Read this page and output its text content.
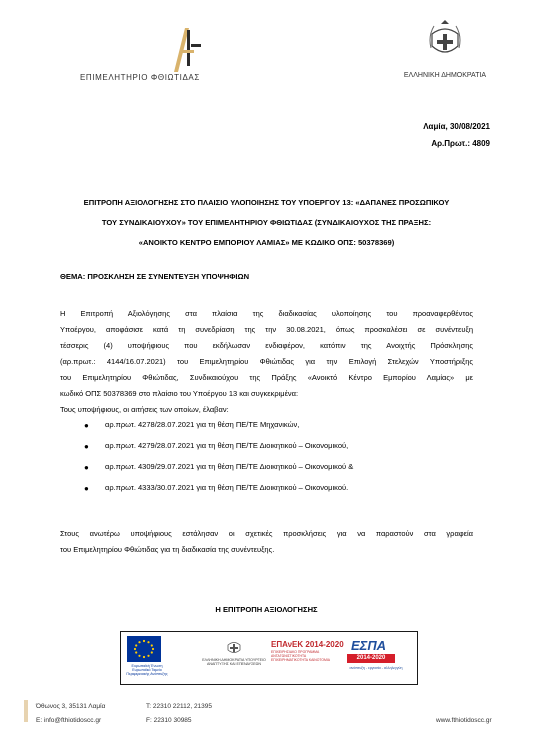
ΕΠΙΜΕΛΗΤΗΡΙΟ ΦΘΙΩΤΙΔΑΣ	ΕΛΛΗΝΙΚΗ ΔΗΜΟΚΡΑΤΙΑ
Λαμία, 30/08/2021
Αρ.Πρωτ.: 4809
ΕΠΙΤΡΟΠΗ ΑΞΙΟΛΟΓΗΣΗΣ ΣΤΟ ΠΛΑΙΣΙΟ ΥΛΟΠΟΙΗΣΗΣ ΤΟΥ ΥΠΟΕΡΓΟΥ 13: «ΔΑΠΑΝΕΣ ΠΡΟΣΩΠΙΚΟΥ
ΤΟΥ ΣΥΝΔΙΚΑΙΟΥΧΟΥ» ΤΟΥ ΕΠΙΜΕΛΗΤΗΡΙΟΥ ΦΘΙΩΤΙΔΑΣ (ΣΥΝΔΙΚΑΙΟΥΧΟΣ ΤΗΣ ΠΡΑΞΗΣ:
«ΑΝΟΙΚΤΟ ΚΕΝΤΡΟ ΕΜΠΟΡΙΟΥ ΛΑΜΙΑΣ» ΜΕ ΚΩΔΙΚΟ ΟΠΣ: 50378369)
ΘΕΜΑ: ΠΡΟΣΚΛΗΣΗ ΣΕ ΣΥΝΕΝΤΕΥΞΗ ΥΠΟΨΗΦΙΩΝ
Η Επιτροπή Αξιολόγησης στα πλαίσια της διαδικασίας υλοποίησης του προαναφερθέντος
Υποέργου, αποφάσισε κατά τη συνεδρίαση της την 30.08.2021, όπως προσκαλέσει σε συνέντευξη
τέσσερις (4) υποψήφιους που εκδήλωσαν ενδιαφέρον, κατόπιν της Ανοιχτής Πρόσκλησης
(αρ.πρωτ.: 4144/16.07.2021) του Επιμελητηρίου Φθιώτιδας για την Επιλογή Στελεχών Υποστήριξης
του Επιμελητηρίου Φθιώτιδας, Συνδικαιούχου της Πράξης «Ανοικτό Κέντρο Εμπορίου Λαμίας» με
κωδικό ΟΠΣ 50378369 στο πλαίσιο του Υποέργου 13 και συγκεκριμένα:
Τους υποψήφιους, οι αιτήσεις των οποίων, έλαβαν:
● αρ.πρωτ. 4278/28.07.2021 για τη θέση ΠΕ/ΤΕ Μηχανικών,
● αρ.πρωτ. 4279/28.07.2021 για τη θέση ΠΕ/ΤΕ Διοικητικού – Οικονομικού,
● αρ.πρωτ. 4309/29.07.2021 για τη θέση ΠΕ/ΤΕ Διοικητικού – Οικονομικού &
● αρ.πρωτ. 4333/30.07.2021 για τη θέση ΠΕ/ΤΕ Διοικητικού – Οικονομικού.
Στους ανωτέρω υποψήφιους εστάλησαν οι σχετικές προσκλήσεις για να παραστούν στα γραφεία
του Επιμελητηρίου Φθιώτιδας για τη διαδικασία της συνέντευξης.
Η ΕΠΙΤΡΟΠΗ ΑΞΙΟΛΟΓΗΣΗΣ
Ευρωπαϊκή Ένωση Ευρωπαϊκό Ταμείο Περιφερειακής Ανάπτυξης
ΕΛΛΗΝΙΚΗ ΔΗΜΟΚΡΑΤΙΑ ΥΠΟΥΡΓΕΙΟ ΑΝΑΠΤΥΞΗΣ ΚΑΙ ΕΠΕΝΔΥΣΕΩΝ
ΕΠΑνΕΚ 2014-2020
ΕΠΙΧΕΙΡΗΣΙΑΚΟ ΠΡΟΓΡΑΜΜΑ ΑΝΤΑΓΩΝΙΣΤΙΚΟΤΗΤΑ ΕΠΙΧΕΙΡΗΜΑΤΙΚΟΤΗΤΑ ΚΑΙΝΟΤΟΜΙΑ
ΕΣΠΑ
2014-2020
ανάπτυξη - εργασία - αλληλεγγύη
Όθωνος 3, 35131 Λαμία
E: info@fthiotidoscc.gr
T: 22310 22112, 21395
F: 22310 30985	www.fthiotidoscc.gr
